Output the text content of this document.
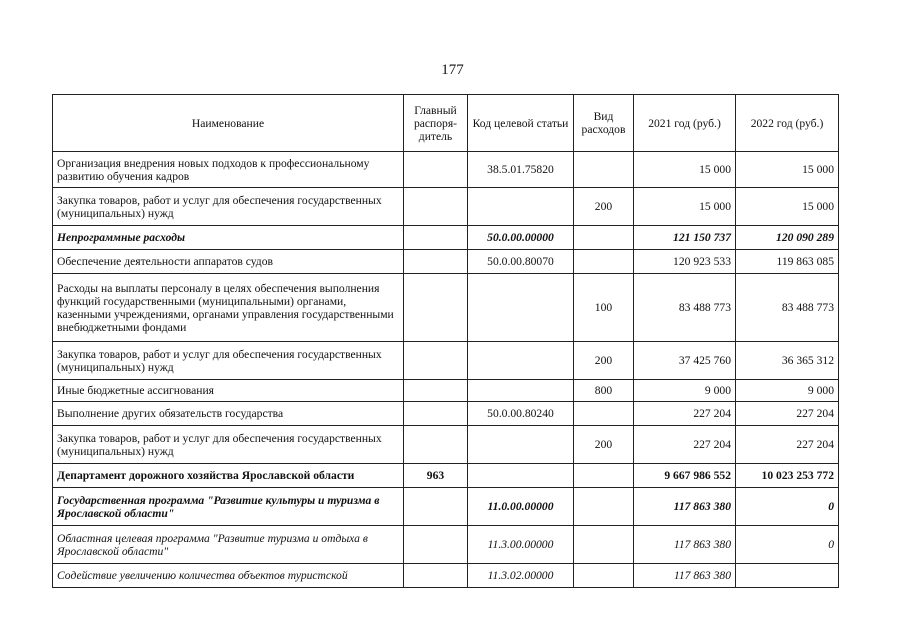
177
Наименование	Главный распоря-дитель	Код целевой статьи	Вид расходов	2021 год (руб.)	2022 год (руб.)
Организация внедрения новых подходов к профессиональному развитию обучения кадров		38.5.01.75820		15 000	15 000
Закупка товаров, работ и услуг для обеспечения государственных (муниципальных) нужд			200	15 000	15 000
Непрограммные расходы		50.0.00.00000		121 150 737	120 090 289
Обеспечение деятельности аппаратов судов		50.0.00.80070		120 923 533	119 863 085
Расходы на выплаты персоналу в целях обеспечения выполнения функций государственными (муниципальными) органами, казенными учреждениями, органами управления государственными внебюджетными фондами			100	83 488 773	83 488 773
Закупка товаров, работ и услуг для обеспечения государственных (муниципальных) нужд			200	37 425 760	36 365 312
Иные бюджетные ассигнования			800	9 000	9 000
Выполнение других обязательств государства		50.0.00.80240		227 204	227 204
Закупка товаров, работ и услуг для обеспечения государственных (муниципальных) нужд			200	227 204	227 204
Департамент дорожного хозяйства Ярославской области	963			9 667 986 552	10 023 253 772
Государственная программа "Развитие культуры и туризма в Ярославской области"		11.0.00.00000		117 863 380	0
Областная целевая программа "Развитие туризма и отдыха в Ярославской области"		11.3.00.00000		117 863 380	0
Содействие увеличению количества объектов туристской		11.3.02.00000		117 863 380	
